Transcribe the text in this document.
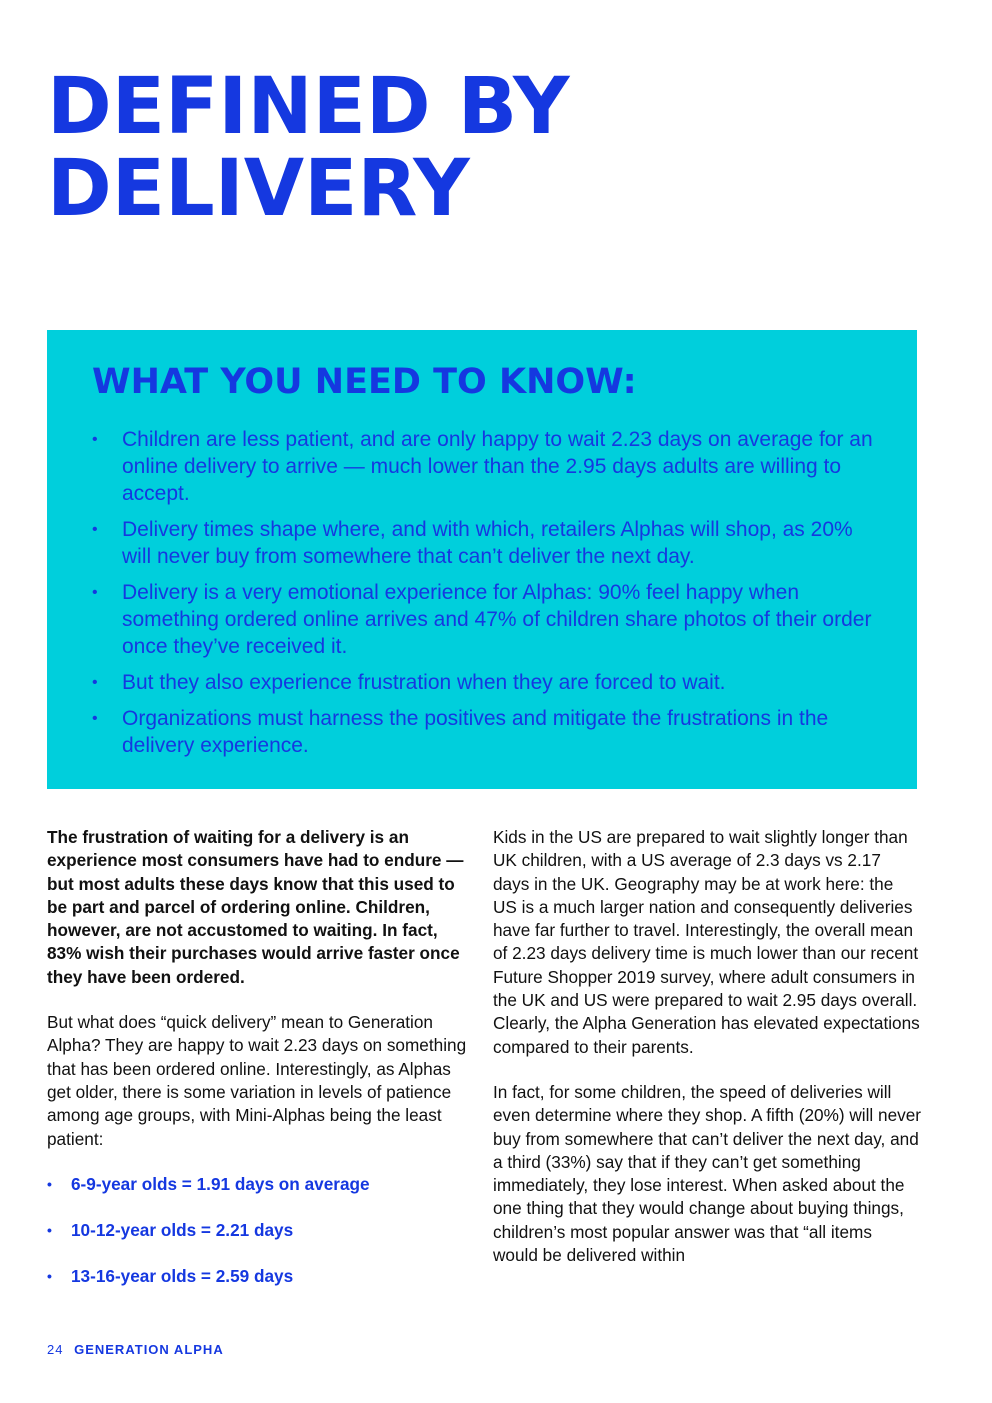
DEFINED BY
DELIVERY
WHAT YOU NEED TO KNOW:
• Children are less patient, and are only happy to wait 2.23 days on average for an online delivery to arrive — much lower than the 2.95 days adults are willing to accept.
• Delivery times shape where, and with which, retailers Alphas will shop, as 20% will never buy from somewhere that can’t deliver the next day.
• Delivery is a very emotional experience for Alphas: 90% feel happy when something ordered online arrives and 47% of children share photos of their order once they’ve received it.
• But they also experience frustration when they are forced to wait.
• Organizations must harness the positives and mitigate the frustrations in the delivery experience.

The frustration of waiting for a delivery is an experience most consumers have had to endure — but most adults these days know that this used to be part and parcel of ordering online. Children, however, are not accustomed to waiting. In fact, 83% wish their purchases would arrive faster once they have been ordered.

But what does “quick delivery” mean to Generation Alpha? They are happy to wait 2.23 days on something that has been ordered online. Interestingly, as Alphas get older, there is some variation in levels of patience among age groups, with Mini-Alphas being the least patient:

• 6-9-year olds = 1.91 days on average
• 10-12-year olds = 2.21 days
• 13-16-year olds = 2.59 days

Kids in the US are prepared to wait slightly longer than UK children, with a US average of 2.3 days vs 2.17 days in the UK. Geography may be at work here: the US is a much larger nation and consequently deliveries have far further to travel. Interestingly, the overall mean of 2.23 days delivery time is much lower than our recent Future Shopper 2019 survey, where adult consumers in the UK and US were prepared to wait 2.95 days overall. Clearly, the Alpha Generation has elevated expectations compared to their parents.

In fact, for some children, the speed of deliveries will even determine where they shop. A fifth (20%) will never buy from somewhere that can’t deliver the next day, and a third (33%) say that if they can’t get something immediately, they lose interest. When asked about the one thing that they would change about buying things, children’s most popular answer was that “all items would be delivered within

24 GENERATION ALPHA
